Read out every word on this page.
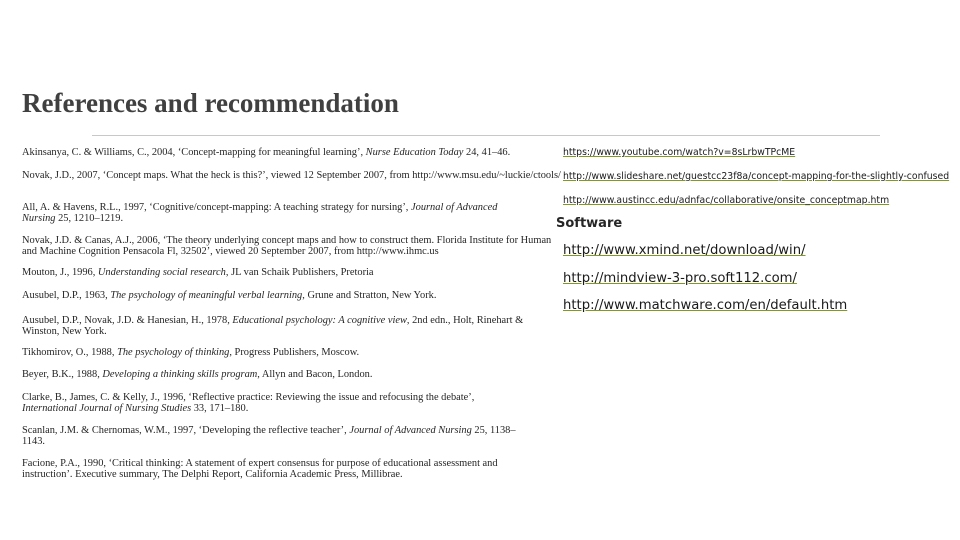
References and recommendation
Akinsanya, C. & Williams, C., 2004, ‘Concept-mapping for meaningful learning’, Nurse Education Today 24, 41–46.
Novak, J.D., 2007, ‘Concept maps. What the heck is this?’, viewed 12 September 2007, from http://www.msu.edu/~luckie/ctools/
All, A. & Havens, R.L., 1997, ‘Cognitive/concept-mapping: A teaching strategy for nursing’, Journal of Advanced Nursing 25, 1210–1219.
Novak, J.D. & Canas, A.J., 2006, ‘The theory underlying concept maps and how to construct them. Florida Institute for Human and Machine Cognition Pensacola Fl, 32502’, viewed 20 September 2007, from http://www.ihmc.us
Mouton, J., 1996, Understanding social research, JL van Schaik Publishers, Pretoria
Ausubel, D.P., 1963, The psychology of meaningful verbal learning, Grune and Stratton, New York.
Ausubel, D.P., Novak, J.D. & Hanesian, H., 1978, Educational psychology: A cognitive view, 2nd edn., Holt, Rinehart & Winston, New York.
Tikhomirov, O., 1988, The psychology of thinking, Progress Publishers, Moscow.
Beyer, B.K., 1988, Developing a thinking skills program, Allyn and Bacon, London.
Clarke, B., James, C. & Kelly, J., 1996, ‘Reflective practice: Reviewing the issue and refocusing the debate’, International Journal of Nursing Studies 33, 171–180.
Scanlan, J.M. & Chernomas, W.M., 1997, ‘Developing the reflective teacher’, Journal of Advanced Nursing 25, 1138–1143.
Facione, P.A., 1990, ‘Critical thinking: A statement of expert consensus for purpose of educational assessment and instruction’. Executive summary, The Delphi Report, California Academic Press, Millibrae.
https://www.youtube.com/watch?v=8sLrbwTPcME
http://www.slideshare.net/guestcc23f8a/concept-mapping-for-the-slightly-confused
http://www.austincc.edu/adnfac/collaborative/onsite_conceptmap.htm
Software
http://www.xmind.net/download/win/
http://mindview-3-pro.soft112.com/
http://www.matchware.com/en/default.htm
